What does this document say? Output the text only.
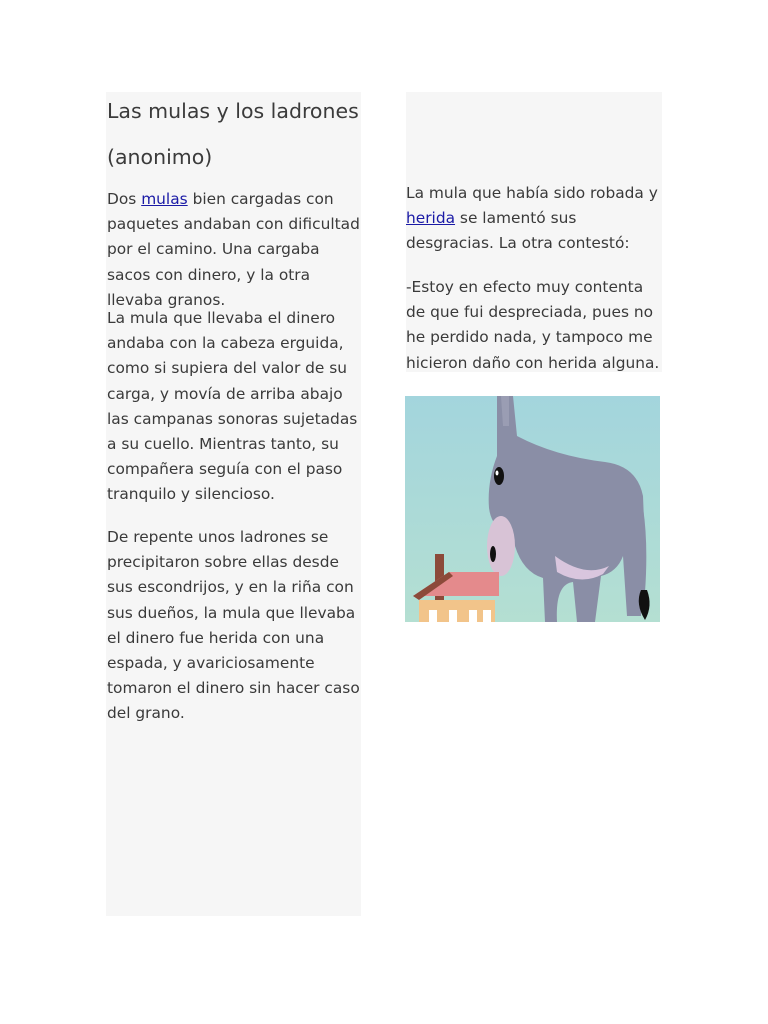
Las mulas y los ladrones
(anonimo)

Dos mulas bien cargadas con paquetes andaban con dificultad por el camino. Una cargaba sacos con dinero, y la otra llevaba granos.

La mula que llevaba el dinero andaba con la cabeza erguida, como si supiera del valor de su carga, y movía de arriba abajo las campanas sonoras sujetadas a su cuello. Mientras tanto, su compañera seguía con el paso tranquilo y silencioso.

De repente unos ladrones se precipitaron sobre ellas desde sus escondrijos, y en la riña con sus dueños, la mula que llevaba el dinero fue herida con una espada, y avariciosamente tomaron el dinero sin hacer caso del grano.

La mula que había sido robada y herida se lamentó sus desgracias. La otra contestó:

-Estoy en efecto muy contenta de que fui despreciada, pues no he perdido nada, y tampoco me hicieron daño con herida alguna.
